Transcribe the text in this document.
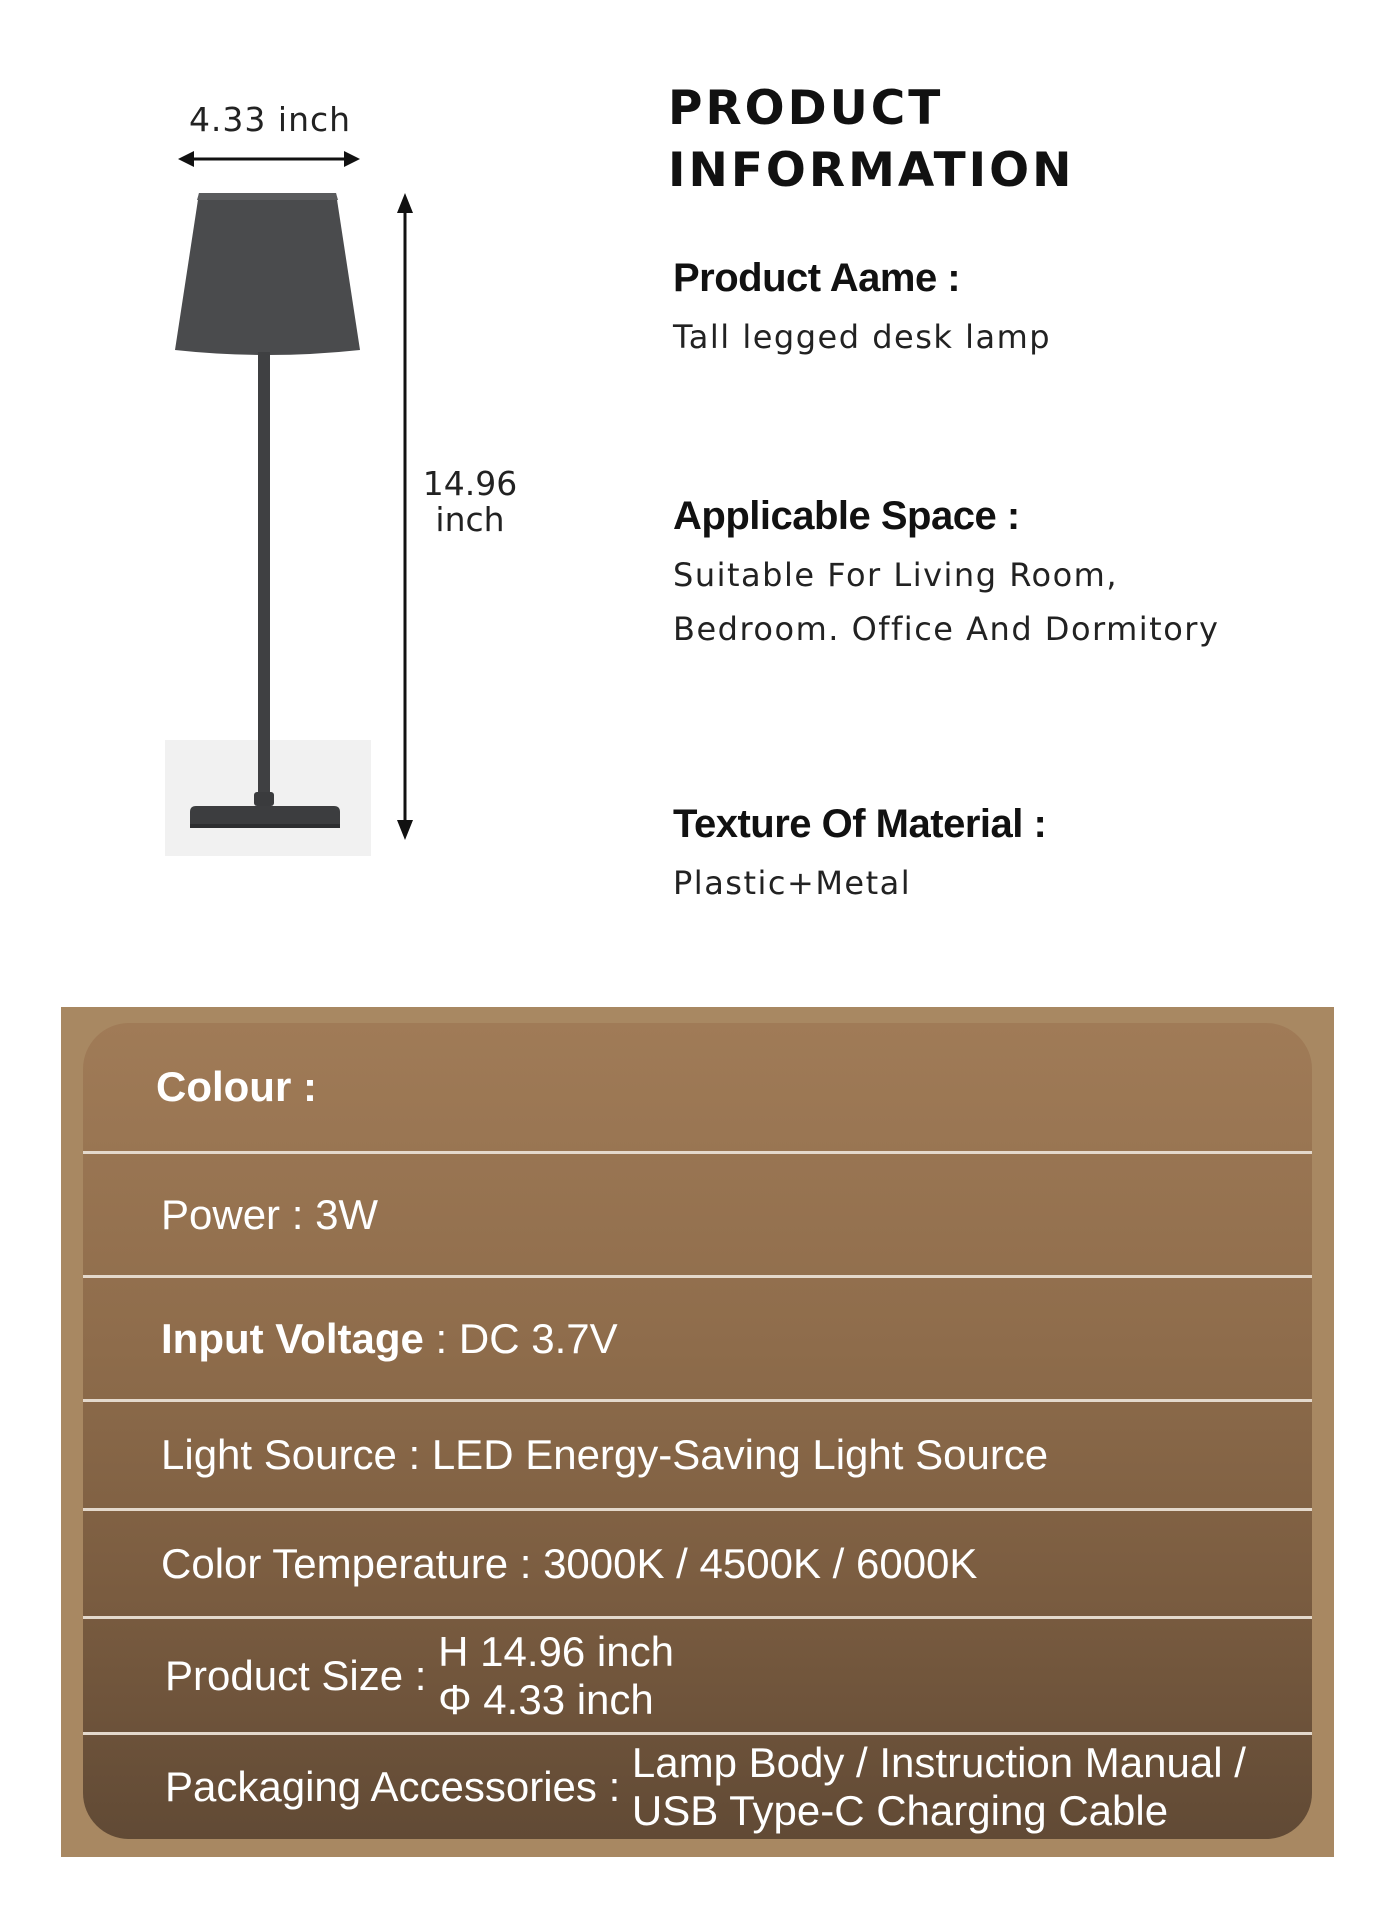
4.33 inch
14.96
inch
PRODUCT
INFORMATION
Product Aame :
Tall legged desk lamp
Applicable Space :
Suitable For Living Room,
Bedroom. Office And Dormitory
Texture Of Material :
Plastic+Metal
Colour :
Power : 3W
Input Voltage : DC 3.7V
Light Source : LED Energy-Saving Light Source
Color Temperature : 3000K / 4500K / 6000K
Product Size :
H 14.96 inch
Φ 4.33 inch
Packaging Accessories :
Lamp Body / Instruction Manual /
USB Type-C Charging Cable
